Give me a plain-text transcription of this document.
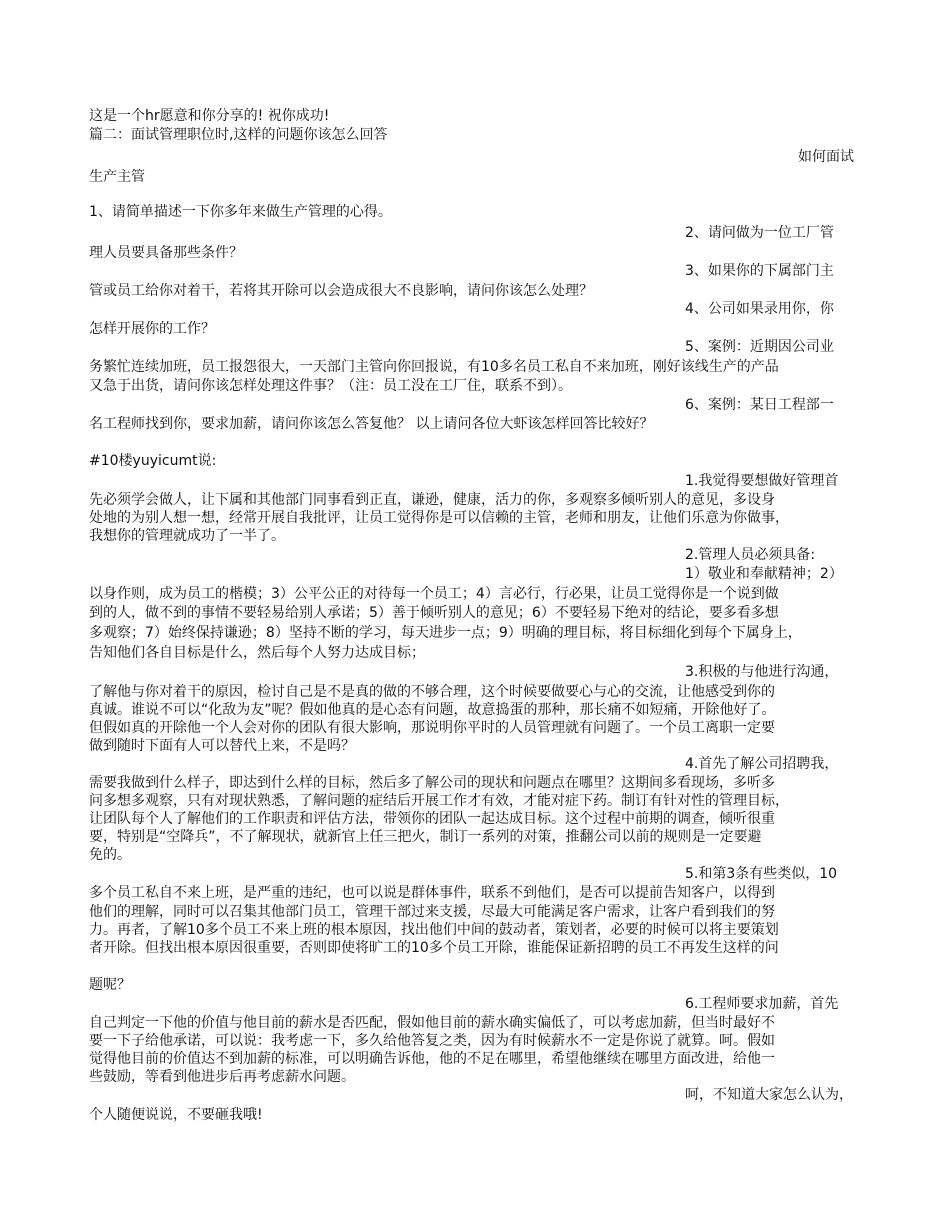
这是一个hr愿意和你分享的! 祝你成功!
篇二：面试管理职位时,这样的问题你该怎么回答
如何面试
生产主管
1、请简单描述一下你多年来做生产管理的心得。
2、请问做为一位工厂管
理人员要具备那些条件？
3、如果你的下属部门主
管或员工给你对着干，若将其开除可以会造成很大不良影响，请问你该怎么处理？
4、公司如果录用你，你
怎样开展你的工作？
5、案例：近期因公司业
务繁忙连续加班，员工报怨很大，一天部门主管向你回报说，有10多名员工私自不来加班，刚好该线生产的产品
又急于出货，请问你该怎样处理这件事？（注：员工没在工厂住，联系不到）。
6、案例：某日工程部一
名工程师找到你，要求加薪，请问你该怎么答复他？ 以上请问各位大虾该怎样回答比较好？
#10楼yuyicumt说:
1.我觉得要想做好管理首
先必须学会做人，让下属和其他部门同事看到正直，谦逊，健康，活力的你，多观察多倾听别人的意见，多设身
处地的为别人想一想，经常开展自我批评，让员工觉得你是可以信赖的主管，老师和朋友，让他们乐意为你做事，
我想你的管理就成功了一半了。
2.管理人员必须具备:
1）敬业和奉献精神；2）
以身作则，成为员工的楷模；3）公平公正的对待每一个员工；4）言必行，行必果，让员工觉得你是一个说到做
到的人，做不到的事情不要轻易给别人承诺；5）善于倾听别人的意见；6）不要轻易下绝对的结论，要多看多想
多观察；7）始终保持谦逊；8）坚持不断的学习，每天进步一点；9）明确的理目标，将目标细化到每个下属身上，
告知他们各自目标是什么，然后每个人努力达成目标；
3.积极的与他进行沟通，
了解他与你对着干的原因，检讨自己是不是真的做的不够合理，这个时候要做要心与心的交流，让他感受到你的
真诚。谁说不可以“化敌为友”呢？假如他真的是心态有问题，故意捣蛋的那种，那长痛不如短痛，开除他好了。
但假如真的开除他一个人会对你的团队有很大影响，那说明你平时的人员管理就有问题了。一个员工离职一定要
做到随时下面有人可以替代上来，不是吗？
4.首先了解公司招聘我，
需要我做到什么样子，即达到什么样的目标，然后多了解公司的现状和问题点在哪里？这期间多看现场，多听多
问多想多观察，只有对现状熟悉，了解问题的症结后开展工作才有效，才能对症下药。制订有针对性的管理目标，
让团队每个人了解他们的工作职责和评估方法，带领你的团队一起达成目标。这个过程中前期的调查，倾听很重
要，特别是“空降兵”，不了解现状，就新官上任三把火，制订一系列的对策，推翻公司以前的规则是一定要避
免的。
5.和第3条有些类似，10
多个员工私自不来上班，是严重的违纪，也可以说是群体事件，联系不到他们，是否可以提前告知客户，以得到
他们的理解，同时可以召集其他部门员工，管理干部过来支援，尽最大可能满足客户需求，让客户看到我们的努
力。再者，了解10多个员工不来上班的根本原因，找出他们中间的鼓动者，策划者，必要的时候可以将主要策划
者开除。但找出根本原因很重要，否则即使将旷工的10多个员工开除，谁能保证新招聘的员工不再发生这样的问
题呢？
6.工程师要求加薪，首先
自己判定一下他的价值与他目前的薪水是否匹配，假如他目前的薪水确实偏低了，可以考虑加薪，但当时最好不
要一下子给他承诺，可以说：我考虑一下，多久给他答复之类，因为有时候薪水不一定是你说了就算。呵。假如
觉得他目前的价值达不到加薪的标准，可以明确告诉他，他的不足在哪里，希望他继续在哪里方面改进，给他一
些鼓励，等看到他进步后再考虑薪水问题。
呵，不知道大家怎么认为，
个人随便说说，不要砸我哦!
